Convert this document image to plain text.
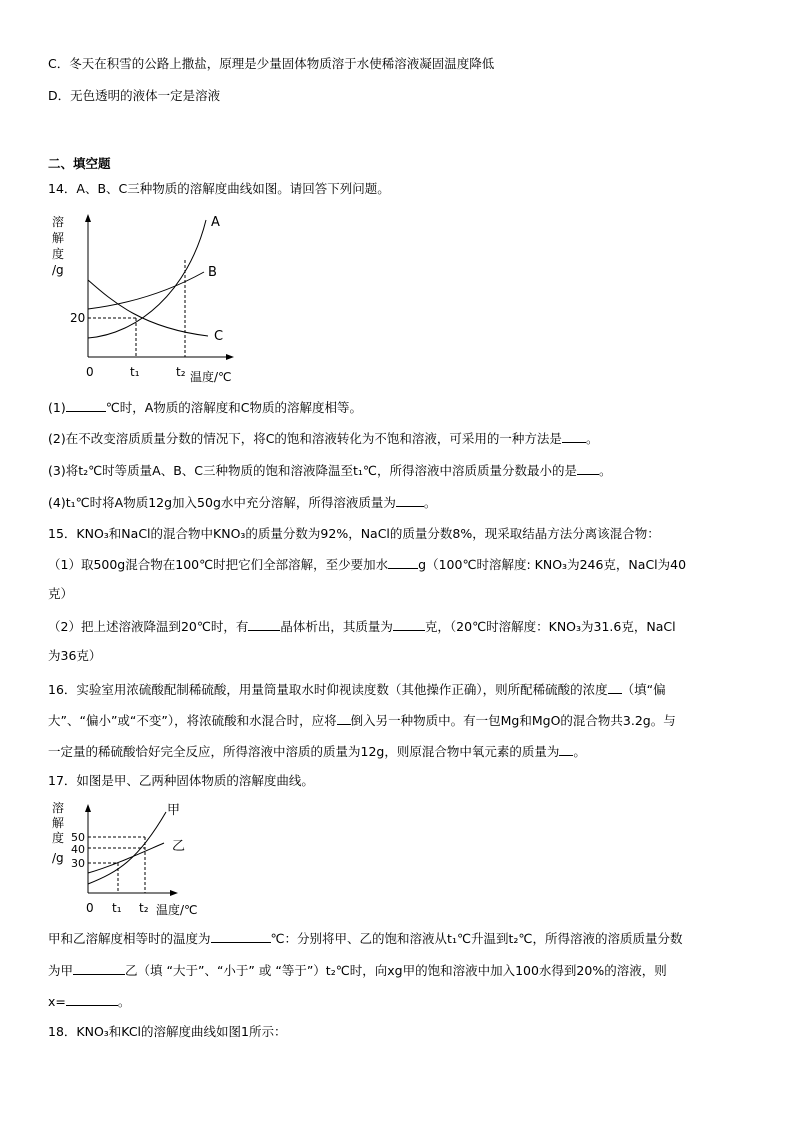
C．冬天在积雪的公路上撒盐，原理是少量固体物质溶于水使稀溶液凝固温度降低
D．无色透明的液体一定是溶液
二、填空题
14．A、B、C三种物质的溶解度曲线如图。请回答下列问题。
溶
解
度
/g
20
0	t₁	t₂ 温度/℃
A
B
C
(1)	℃时，A物质的溶解度和C物质的溶解度相等。
(2)在不改变溶质质量分数的情况下，将C的饱和溶液转化为不饱和溶液，可采用的一种方法是 。
(3)将t₂℃时等质量A、B、C三种物质的饱和溶液降温至t₁℃，所得溶液中溶质质量分数最小的是 。
(4)t₁℃时将A物质12g加入50g水中充分溶解，所得溶液质量为 。
15．KNO₃和NaCl的混合物中KNO₃的质量分数为92%，NaCl的质量分数8%，现采取结晶方法分离该混合物：
（1）取500g混合物在100℃时把它们全部溶解，至少要加水 g（100℃时溶解度: KNO₃为246克，NaCl为40
克）
（2）把上述溶液降温到20℃时，有	晶体析出，其质量为	克，（20℃时溶解度：KNO₃为31.6克，NaCl
为36克）
16．实验室用浓硫酸配制稀硫酸，用量筒量取水时仰视读度数（其他操作正确），则所配稀硫酸的浓度 （填“偏
大”、“偏小”或“不变”），将浓硫酸和水混合时，应将 倒入另一种物质中。有一包Mg和MgO的混合物共3.2g。与
一定量的稀硫酸恰好完全反应，所得溶液中溶质的质量为12g，则原混合物中氧元素的质量为 。
17．如图是甲、乙两种固体物质的溶解度曲线。
溶
解
度
/g
50
40
30
0 t₁ t₂ 温度/℃
甲
乙
甲和乙溶解度相等时的温度为	℃：分别将甲、乙的饱和溶液从t₁℃升温到t₂℃，所得溶液的溶质质量分数
为甲	乙（填 “大于”、“小于” 或 “等于”）t₂℃时，向xg甲的饱和溶液中加入100水得到20%的溶液，则
x=	。
18．KNO₃和KCl的溶解度曲线如图1所示：
